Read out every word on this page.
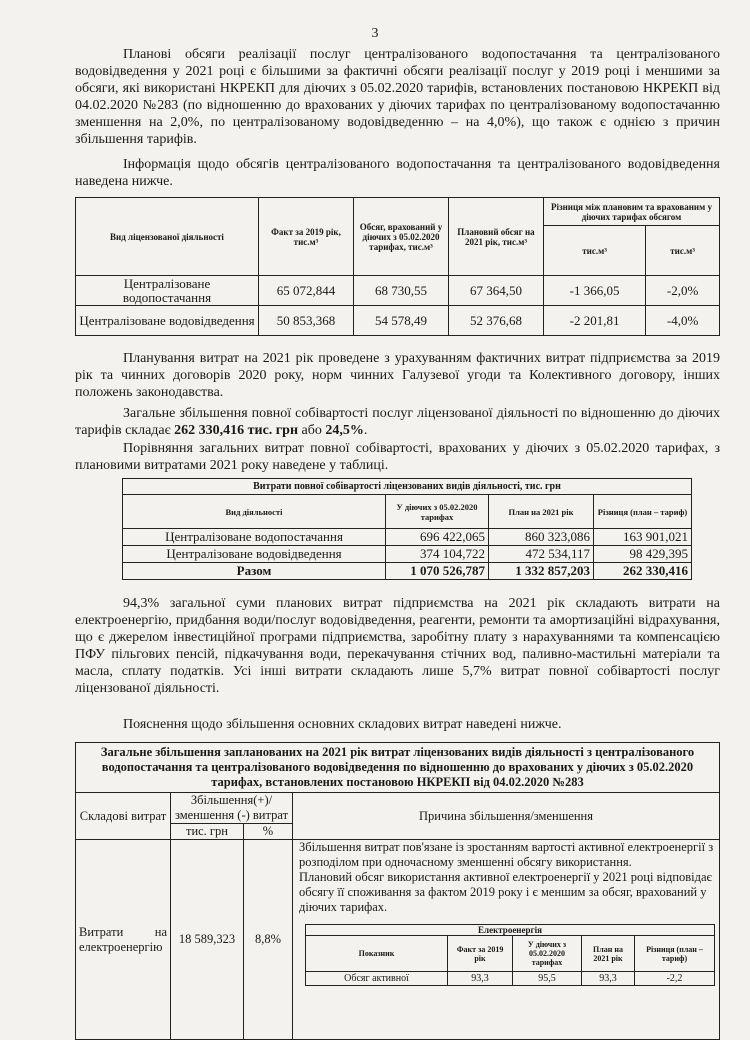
3
Планові обсяги реалізації послуг централізованого водопостачання та централізованого водовідведення у 2021 році є більшими за фактичні обсяги реалізації послуг у 2019 році і меншими за обсяги, які використані НКРЕКП для діючих з 05.02.2020 тарифів, встановлених постановою НКРЕКП від 04.02.2020 №283 (по відношенню до врахованих у діючих тарифах по централізованому водопостачанню зменшення на 2,0%, по централізованому водовідведенню – на 4,0%), що також є однією з причин збільшення тарифів.
Інформація щодо обсягів централізованого водопостачання та централізованого водовідведення наведена нижче.
Вид ліцензованої діяльності	Факт за 2019 рік, тис.м³	Обсяг, врахований у діючих з 05.02.2020 тарифах, тис.м³	Плановий обсяг на 2021 рік, тис.м³	Різниця між плановим та врахованим у діючих тарифах обсягом	
				тис.м³	тис.м³
Централізоване водопостачання	65 072,844	68 730,55	67 364,50	-1 366,05	-2,0%
Централізоване водовідведення	50 853,368	54 578,49	52 376,68	-2 201,81	-4,0%
Планування витрат на 2021 рік проведене з урахуванням фактичних витрат підприємства за 2019 рік та чинних договорів 2020 року, норм чинних Галузевої угоди та Колективного договору, інших положень законодавства.
Загальне збільшення повної собівартості послуг ліцензованої діяльності по відношенню до діючих тарифів складає 262 330,416 тис. грн або 24,5%.
Порівняння загальних витрат повної собівартості, врахованих у діючих з 05.02.2020 тарифах, з плановими витратами 2021 року наведене у таблиці.
Витрати повної собівартості ліцензованих видів діяльності, тис. грн			
Вид діяльності	У діючих з 05.02.2020 тарифах	План на 2021 рік	Різниця (план – тариф)
Централізоване водопостачання	696 422,065	860 323,086	163 901,021
Централізоване водовідведення	374 104,722	472 534,117	98 429,395
Разом	1 070 526,787	1 332 857,203	262 330,416
94,3% загальної суми планових витрат підприємства на 2021 рік складають витрати на електроенергію, придбання води/послуг водовідведення, реагенти, ремонти та амортизаційні відрахування, що є джерелом інвестиційної програми підприємства, заробітну плату з нарахуваннями та компенсацією ПФУ пільгових пенсій, підкачування води, перекачування стічних вод, паливно-мастильні матеріали та масла, сплату податків. Усі інші витрати складають лише 5,7% витрат повної собівартості послуг ліцензованої діяльності.
Пояснення щодо збільшення основних складових витрат наведені нижче.
Загальне збільшення запланованих на 2021 рік витрат ліцензованих видів діяльності з централізованого водопостачання та централізованого водовідведення по відношенню до врахованих у діючих з 05.02.2020 тарифах, встановлених постановою НКРЕКП від 04.02.2020 №283			
Складові витрат	Збільшення(+)/зменшення (-) витрат		Причина збільшення/зменшення
	тис. грн	%	
Витрати на електроенергію	18 589,323	8,8%	Збільшення витрат пов'язане із зростанням вартості активної електроенергії з розподілом при одночасному зменшенні обсягу використання.
Плановий обсяг використання активної електроенергії у 2021 році відповідає обсягу її споживання за фактом 2019 року і є меншим за обсяг, врахований у діючих тарифах.
Електроенергія				
Показник	Факт за 2019 рік	У діючих з 05.02.2020 тарифах	План на 2021 рік	Різниця (план – тариф)
Обсяг активної	93,3	95,5	93,3	-2,2
